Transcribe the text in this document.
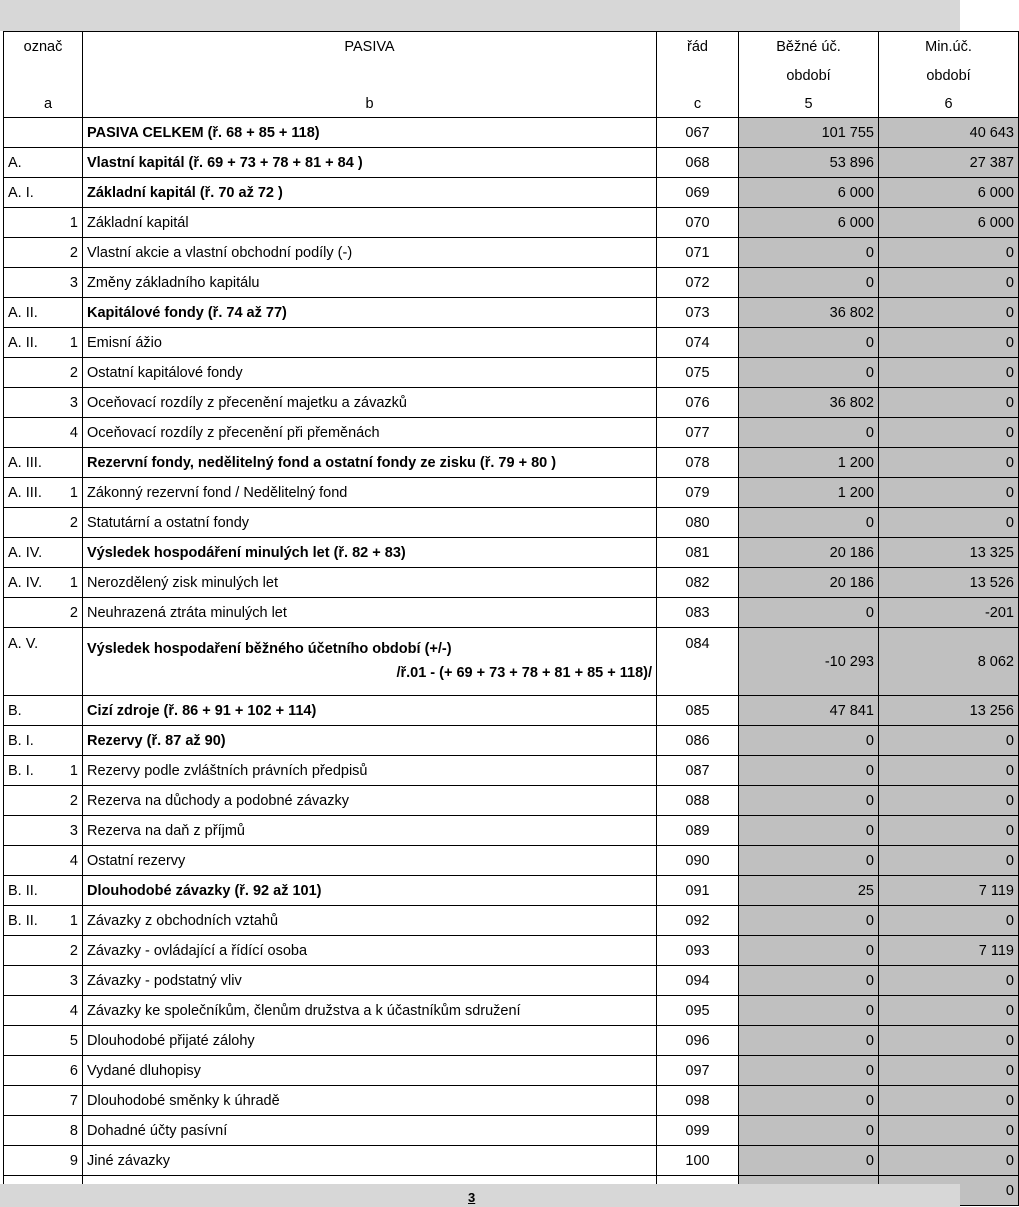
označ	PASIVA	řád	Běžné úč.	Min.úč.
			období	období
a	b	c	5	6

	PASIVA CELKEM (ř. 68 + 85 + 118)	067	101 755	40 643

A.	Vlastní kapitál (ř. 69 + 73 + 78 + 81 + 84 )	068	53 896	27 387

A. I.	Základní kapitál (ř. 70 až 72 )	069	6 000	6 000

1	Základní kapitál	070	6 000	6 000

2	Vlastní akcie a vlastní obchodní podíly (-)	071	0	0

3	Změny základního kapitálu	072	0	0

A. II.	Kapitálové fondy (ř. 74 až 77)	073	36 802	0

A. II. 1	Emisní ážio	074	0	0

2	Ostatní kapitálové fondy	075	0	0

3	Oceňovací rozdíly z přecenění majetku a závazků	076	36 802	0

4	Oceňovací rozdíly z přecenění při přeměnách	077	0	0

A. III.	Rezervní fondy, nedělitelný fond a ostatní fondy ze zisku (ř. 79 + 80 )	078	1 200	0

A. III. 1	Zákonný rezervní fond / Nedělitelný fond	079	1 200	0

2	Statutární a ostatní fondy	080	0	0

A. IV.	Výsledek hospodáření minulých let (ř. 82 + 83)	081	20 186	13 325

A. IV. 1	Nerozdělený zisk minulých let	082	20 186	13 526

2	Neuhrazená ztráta minulých let	083	0	-201
A. V.	Výsledek hospodaření běžného účetního období (+/-)
/ř.01 - (+ 69 + 73 + 78 + 81 + 85 + 118)/	084	-10 293	8 062

B.	Cizí zdroje (ř. 86 + 91 + 102 + 114)	085	47 841	13 256

B. I.	Rezervy (ř. 87 až 90)	086	0	0

B. I. 1	Rezervy podle zvláštních právních předpisů	087	0	0

2	Rezerva na důchody a podobné závazky	088	0	0

3	Rezerva na daň z příjmů	089	0	0

4	Ostatní rezervy	090	0	0

B. II.	Dlouhodobé závazky (ř. 92 až 101)	091	25	7 119

B. II. 1	Závazky z obchodních vztahů	092	0	0

2	Závazky - ovládající a řídící osoba	093	0	7 119

3	Závazky - podstatný vliv	094	0	0

4	Závazky ke společníkům, členům družstva a k účastníkům sdružení	095	0	0

5	Dlouhodobé přijaté zálohy	096	0	0

6	Vydané dluhopisy	097	0	0

7	Dlouhodobé směnky k úhradě	098	0	0

8	Dohadné účty pasívní	099	0	0

9	Jiné závazky	100	0	0

				0
3
